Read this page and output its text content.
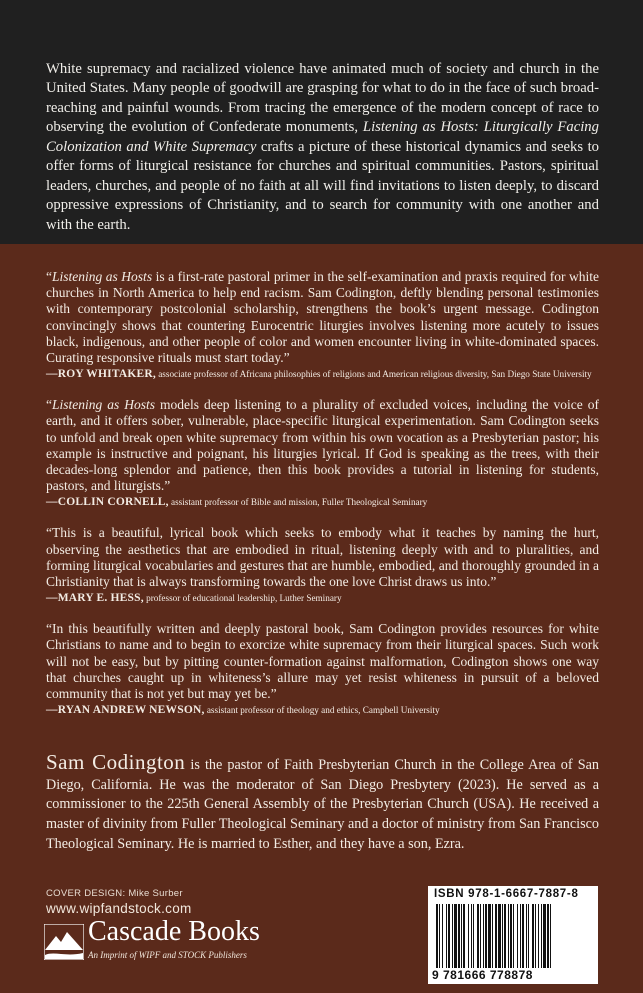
White supremacy and racialized violence have animated much of society and church in the United States. Many people of goodwill are grasping for what to do in the face of such broad-reaching and painful wounds. From tracing the emergence of the modern concept of race to observing the evolution of Confederate monuments, Listening as Hosts: Liturgically Facing Colonization and White Supremacy crafts a picture of these historical dynamics and seeks to offer forms of liturgical resistance for churches and spiritual communities. Pastors, spiritual leaders, churches, and people of no faith at all will find invitations to listen deeply, to discard oppressive expressions of Christianity, and to search for community with one another and with the earth.

“Listening as Hosts is a first-rate pastoral primer in the self-examination and praxis required for white churches in North America to help end racism. Sam Codington, deftly blending personal testimonies with contemporary postcolonial scholarship, strengthens the book’s urgent message. Codington convincingly shows that countering Eurocentric liturgies involves listening more acutely to issues black, indigenous, and other people of color and women encounter living in white-dominated spaces. Curating responsive rituals must start today.”

—ROY WHITAKER, associate professor of Africana philosophies of religions and American religious diversity, San Diego State University

“Listening as Hosts models deep listening to a plurality of excluded voices, including the voice of earth, and it offers sober, vulnerable, place-specific liturgical experimentation. Sam Codington seeks to unfold and break open white supremacy from within his own vocation as a Presbyterian pastor; his example is instructive and poignant, his liturgies lyrical. If God is speaking as the trees, with their decades-long splendor and patience, then this book provides a tutorial in listening for students, pastors, and liturgists.”

—COLLIN CORNELL, assistant professor of Bible and mission, Fuller Theological Seminary

“This is a beautiful, lyrical book which seeks to embody what it teaches by naming the hurt, observing the aesthetics that are embodied in ritual, listening deeply with and to pluralities, and forming liturgical vocabularies and gestures that are humble, embodied, and thoroughly grounded in a Christianity that is always transforming towards the one love Christ draws us into.”

—MARY E. HESS, professor of educational leadership, Luther Seminary

“In this beautifully written and deeply pastoral book, Sam Codington provides resources for white Christians to name and to begin to exorcize white supremacy from their liturgical spaces. Such work will not be easy, but by pitting counter-formation against malformation, Codington shows one way that churches caught up in whiteness’s allure may yet resist whiteness in pursuit of a beloved community that is not yet but may yet be.”

—RYAN ANDREW NEWSON, assistant professor of theology and ethics, Campbell University

Sam Codington is the pastor of Faith Presbyterian Church in the College Area of San Diego, California. He was the moderator of San Diego Presbytery (2023). He served as a commissioner to the 225th General Assembly of the Presbyterian Church (USA). He received a master of divinity from Fuller Theological Seminary and a doctor of ministry from San Francisco Theological Seminary. He is married to Esther, and they have a son, Ezra.

COVER DESIGN: Mike Surber
www.wipfandstock.com
Cascade Books
An Imprint of WIPF and STOCK Publishers
ISBN 978-1-6667-7887-8
9 781666 778878
